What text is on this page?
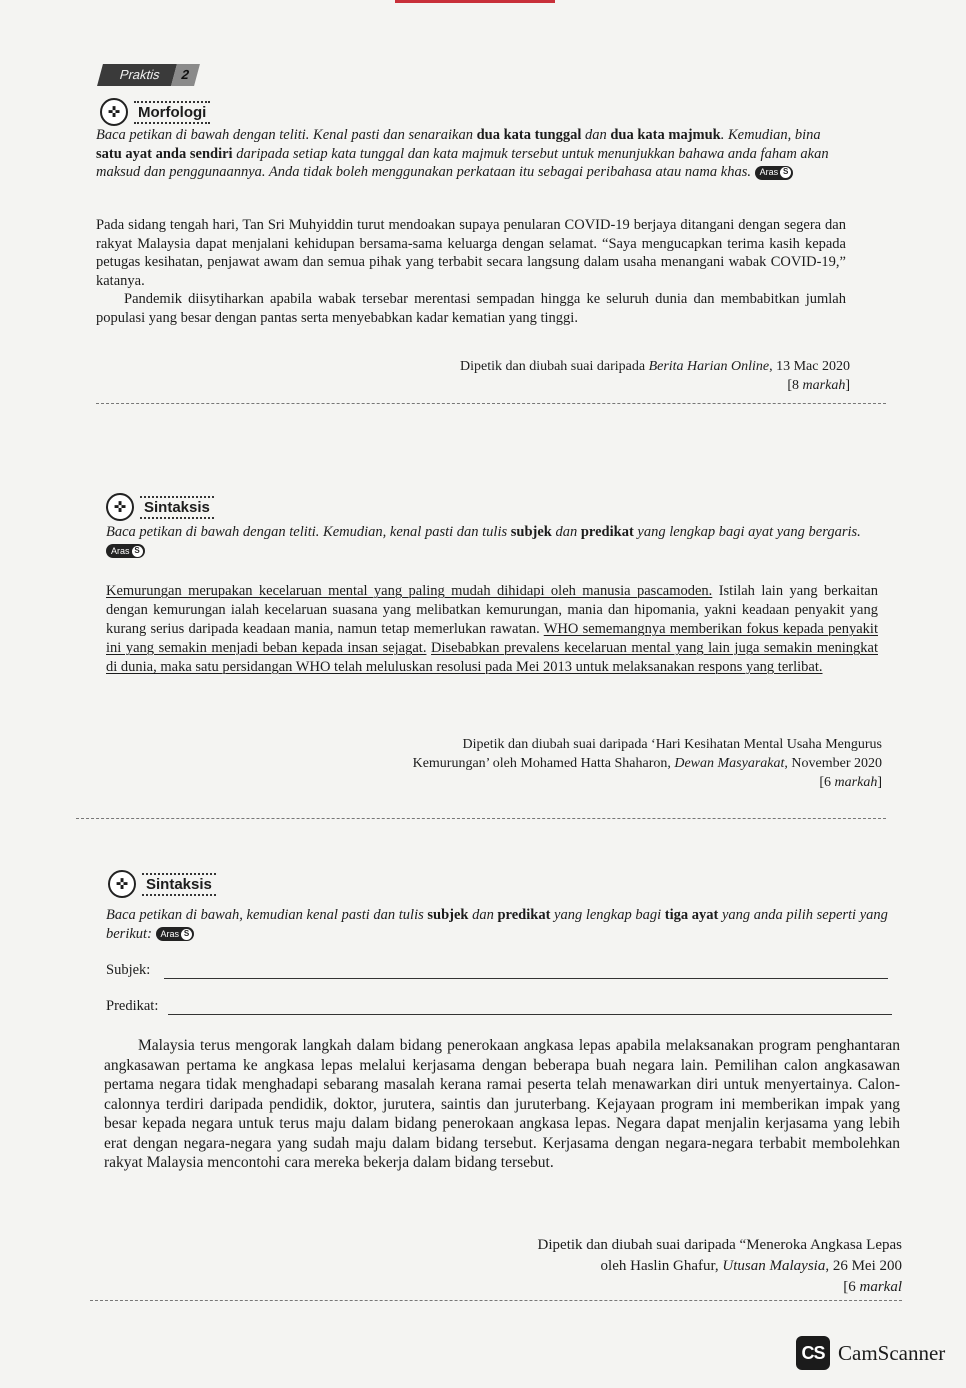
Praktis	2
✜	Morfologi
Baca petikan di bawah dengan teliti. Kenal pasti dan senaraikan dua kata tunggal dan dua kata majmuk. Kemudian, bina satu ayat anda sendiri daripada setiap kata tunggal dan kata majmuk tersebut untuk menunjukkan bahawa anda faham akan maksud dan penggunaannya. Anda tidak boleh menggunakan perkataan itu sebagai peribahasa atau nama khas. Aras S

Pada sidang tengah hari, Tan Sri Muhyiddin turut mendoakan supaya penularan COVID-19 berjaya ditangani dengan segera dan rakyat Malaysia dapat menjalani kehidupan bersama-sama keluarga dengan selamat. “Saya mengucapkan terima kasih kepada petugas kesihatan, penjawat awam dan semua pihak yang terbabit secara langsung dalam usaha menangani wabak COVID-19,” katanya.

Pandemik diisytiharkan apabila wabak tersebar merentasi sempadan hingga ke seluruh dunia dan membabitkan jumlah populasi yang besar dengan pantas serta menyebabkan kadar kematian yang tinggi.

Dipetik dan diubah suai daripada Berita Harian Online, 13 Mac 2020
[8 markah]
✜	Sintaksis
Baca petikan di bawah dengan teliti. Kemudian, kenal pasti dan tulis subjek dan predikat yang lengkap bagi ayat yang bergaris.
Aras S
Kemurungan merupakan kecelaruan mental yang paling mudah dihidapi oleh manusia pascamoden. Istilah lain yang berkaitan dengan kemurungan ialah kecelaruan suasana yang melibatkan kemurungan, mania dan hipomania, yakni keadaan penyakit yang kurang serius daripada keadaan mania, namun tetap memerlukan rawatan. WHO sememangnya memberikan fokus kepada penyakit ini yang semakin menjadi beban kepada insan sejagat. Disebabkan prevalens kecelaruan mental yang lain juga semakin meningkat di dunia, maka satu persidangan WHO telah meluluskan resolusi pada Mei 2013 untuk melaksanakan respons yang terlibat.
Dipetik dan diubah suai daripada ‘Hari Kesihatan Mental Usaha Mengurus
Kemurungan’ oleh Mohamed Hatta Shaharon, Dewan Masyarakat, November 2020
[6 markah]
✜	Sintaksis
Baca petikan di bawah, kemudian kenal pasti dan tulis subjek dan predikat yang lengkap bagi tiga ayat yang anda pilih seperti yang berikut: Aras S
Subjek:
Predikat:

Malaysia terus mengorak langkah dalam bidang penerokaan angkasa lepas apabila melaksanakan program penghantaran angkasawan pertama ke angkasa lepas melalui kerjasama dengan beberapa buah negara lain. Pemilihan calon angkasawan pertama negara tidak menghadapi sebarang masalah kerana ramai peserta telah menawarkan diri untuk menyertainya. Calon-calonnya terdiri daripada pendidik, doktor, jurutera, saintis dan juruterbang. Kejayaan program ini memberikan impak yang besar kepada negara untuk terus maju dalam bidang penerokaan angkasa lepas. Negara dapat menjalin kerjasama yang lebih erat dengan negara-negara yang sudah maju dalam bidang tersebut. Kerjasama dengan negara-negara terbabit membolehkan rakyat Malaysia mencontohi cara mereka bekerja dalam bidang tersebut.

Dipetik dan diubah suai daripada “Meneroka Angkasa Lepas
oleh Haslin Ghafur, Utusan Malaysia, 26 Mei 200
[6 markal
CS CamScanner
